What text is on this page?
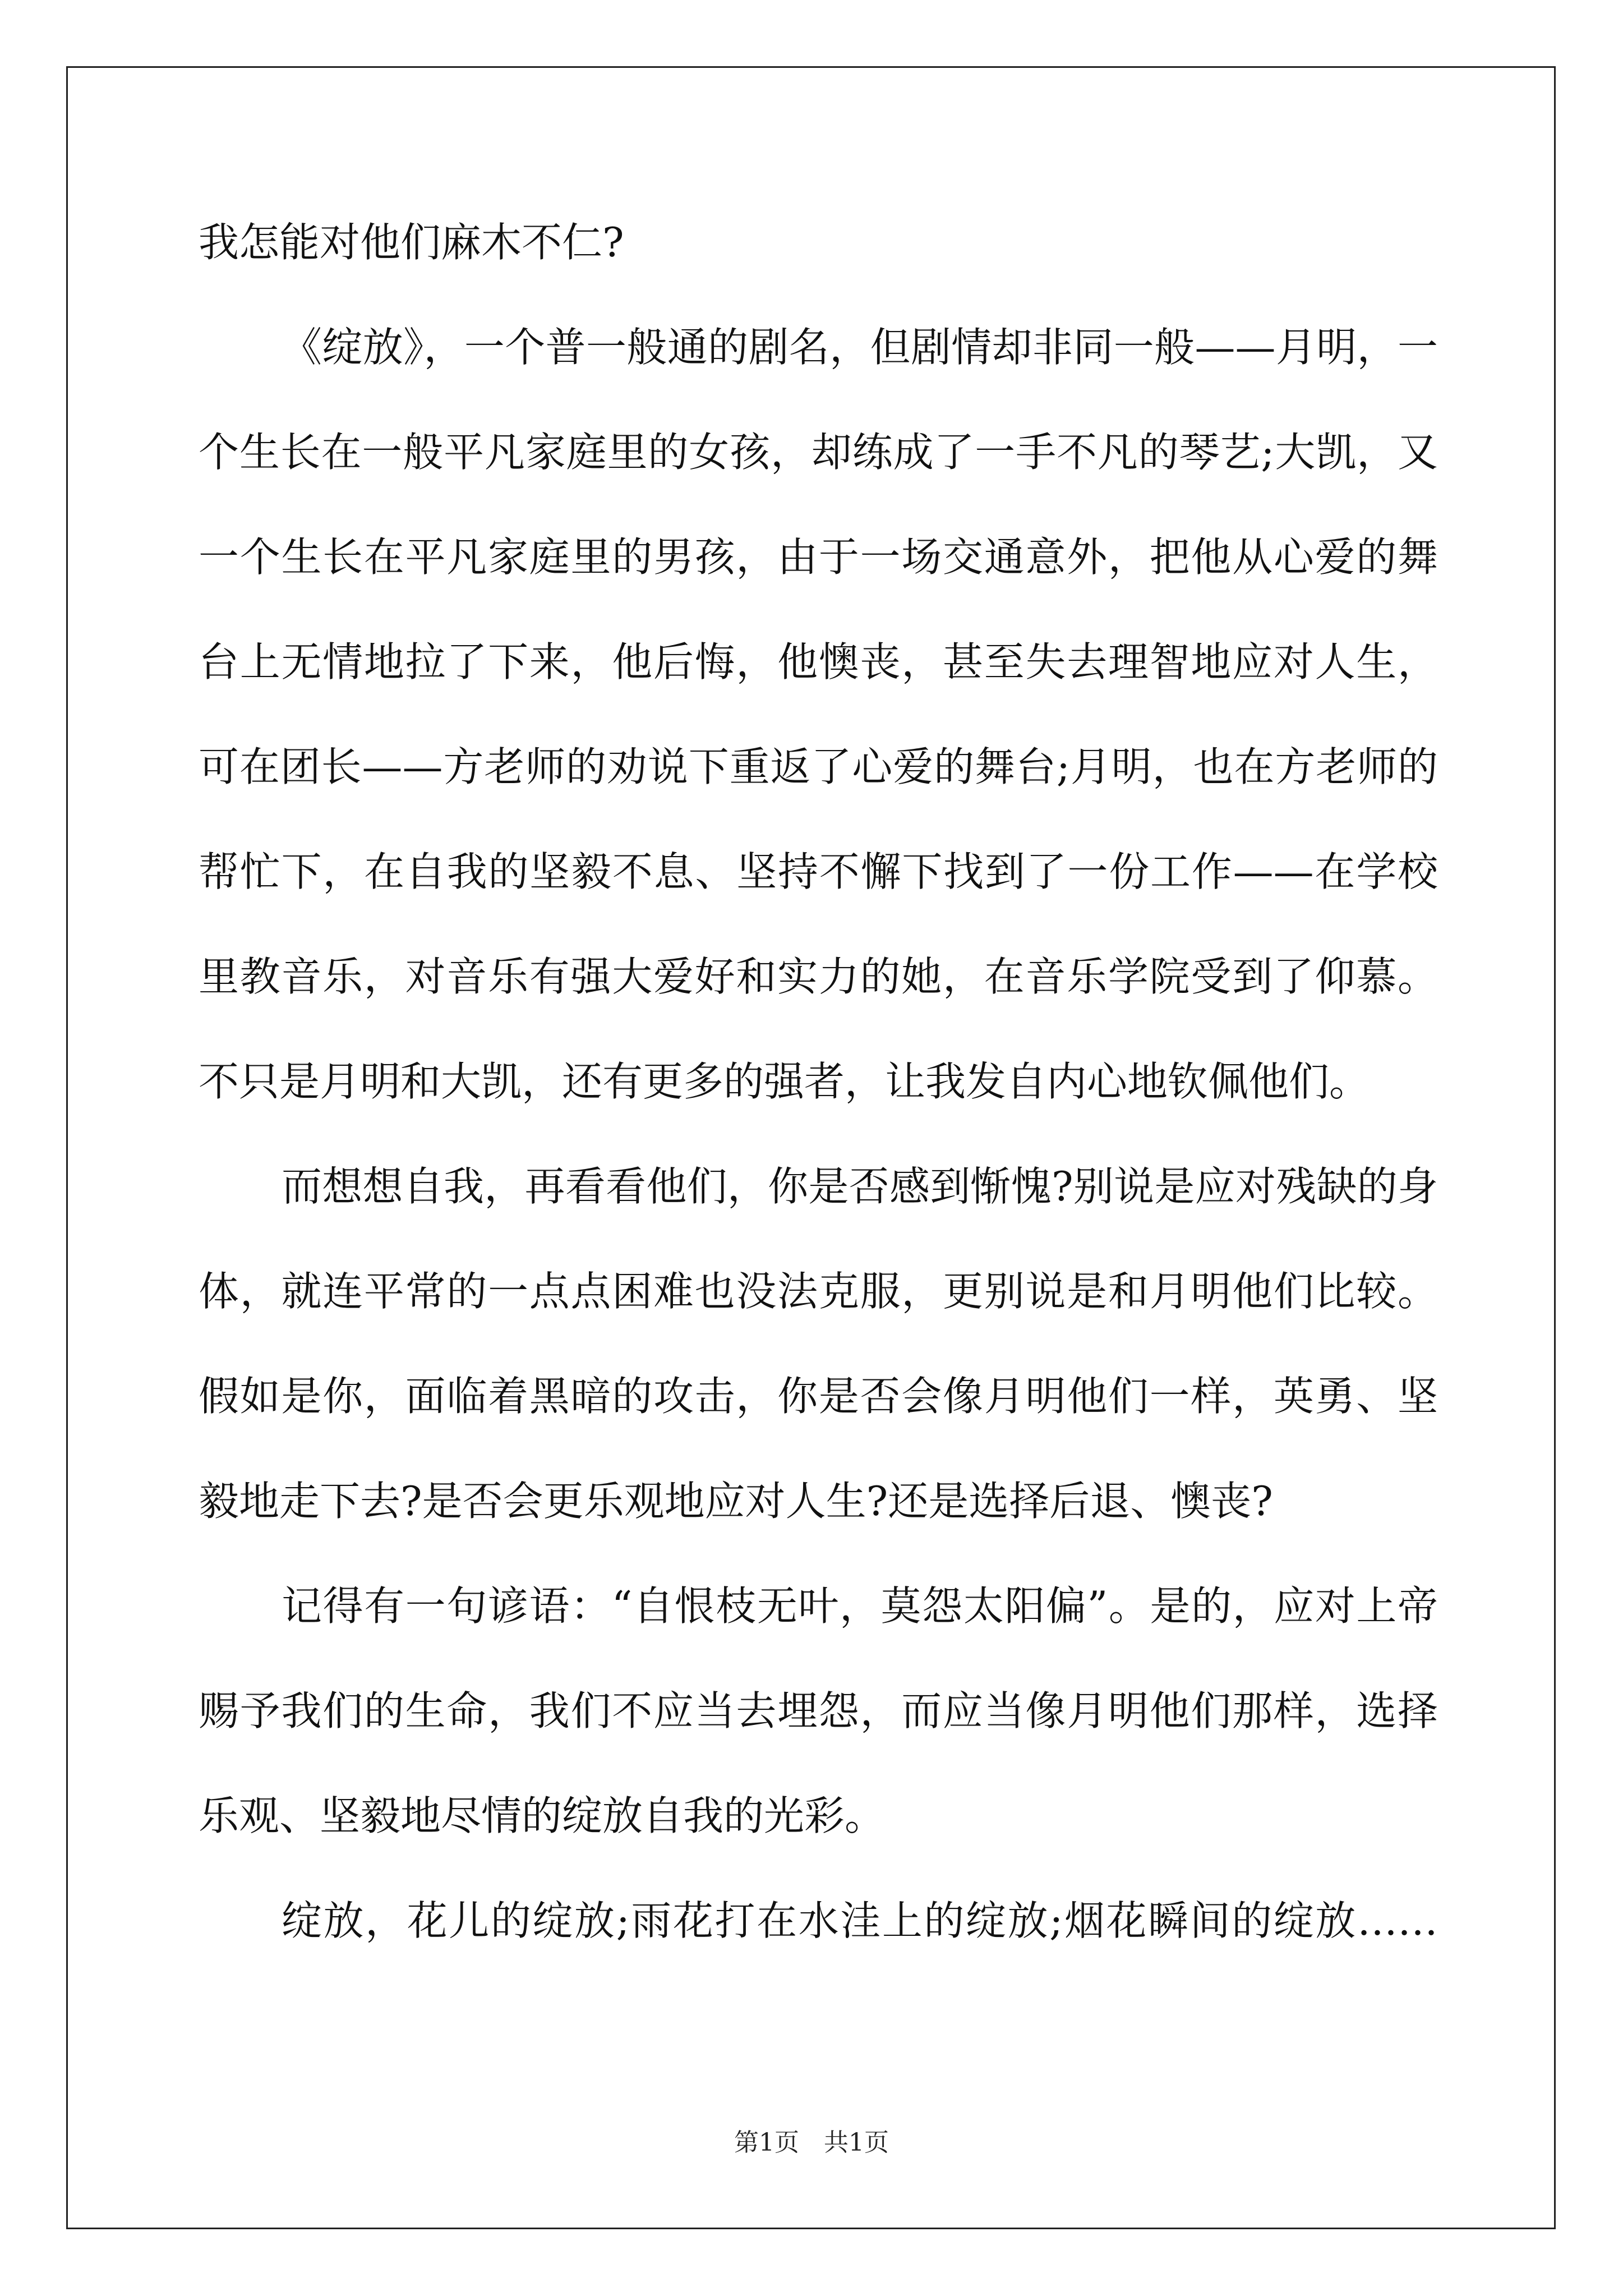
我怎能对他们麻木不仁?
《绽放》，一个普一般通的剧名，但剧情却非同一般——月明，一
个生长在一般平凡家庭里的女孩，却练成了一手不凡的琴艺;大凯，又
一个生长在平凡家庭里的男孩，由于一场交通意外，把他从心爱的舞
台上无情地拉了下来，他后悔，他懊丧，甚至失去理智地应对人生，
可在团长——方老师的劝说下重返了心爱的舞台;月明，也在方老师的
帮忙下，在自我的坚毅不息、坚持不懈下找到了一份工作——在学校
里教音乐，对音乐有强大爱好和实力的她，在音乐学院受到了仰慕。
不只是月明和大凯，还有更多的强者，让我发自内心地钦佩他们。
而想想自我，再看看他们，你是否感到惭愧?别说是应对残缺的身
体，就连平常的一点点困难也没法克服，更别说是和月明他们比较。
假如是你，面临着黑暗的攻击，你是否会像月明他们一样，英勇、坚
毅地走下去?是否会更乐观地应对人生?还是选择后退、懊丧?
记得有一句谚语：“自恨枝无叶，莫怨太阳偏”。是的，应对上帝
赐予我们的生命，我们不应当去埋怨，而应当像月明他们那样，选择
乐观、坚毅地尽情的绽放自我的光彩。
绽放，花儿的绽放;雨花打在水洼上的绽放;烟花瞬间的绽放……
第1页　共1页
